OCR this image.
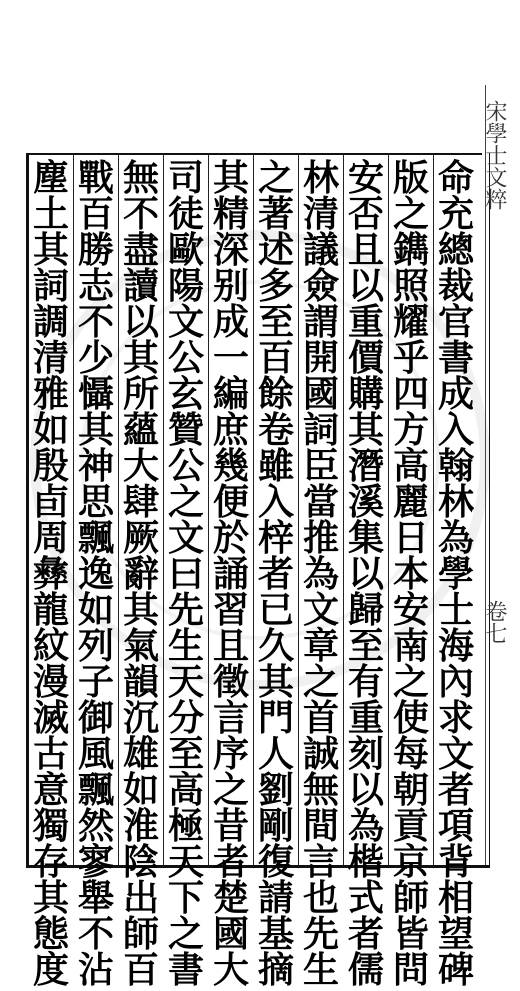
宋學士文粹
卷七
命
充
總
裁
官
書
成
入
翰
林
為
學
士
海
內
求
文
者
項
背
相
望
碑
版
之
鐫
照
耀
乎
四
方
高
麗
日
本
安
南
之
使
每
朝
貢
京
師
皆
問
安
否
且
以
重
價
購
其
潛
溪
集
以
歸
至
有
重
刻
以
為
楷
式
者
儒
林
清
議
僉
謂
開
國
詞
臣
當
推
為
文
章
之
首
誠
無
間
言
也
先
生
之
著
述
多
至
百
餘
卷
雖
入
梓
者
已
久
其
門
人
劉
剛
復
請
基
摘
其
精
深
别
成
一
編
庶
幾
便
於
誦
習
且
徵
言
序
之
昔
者
楚
國
大
司
徒
歐
陽
文
公
玄
贊
公
之
文
曰
先
生
天
分
至
高
極
天
下
之
書
無
不
盡
讀
以
其
所
蘊
大
肆
厥
辭
其
氣
韻
沉
雄
如
淮
陰
出
師
百
戰
百
勝
志
不
少
懾
其
神
思
飄
逸
如
列
子
御
風
飄
然
寥
舉
不
沾
塵
土
其
詞
調
清
雅
如
殷
卣
周
彝
龍
紋
漫
滅
古
意
獨
存
其
態
度
